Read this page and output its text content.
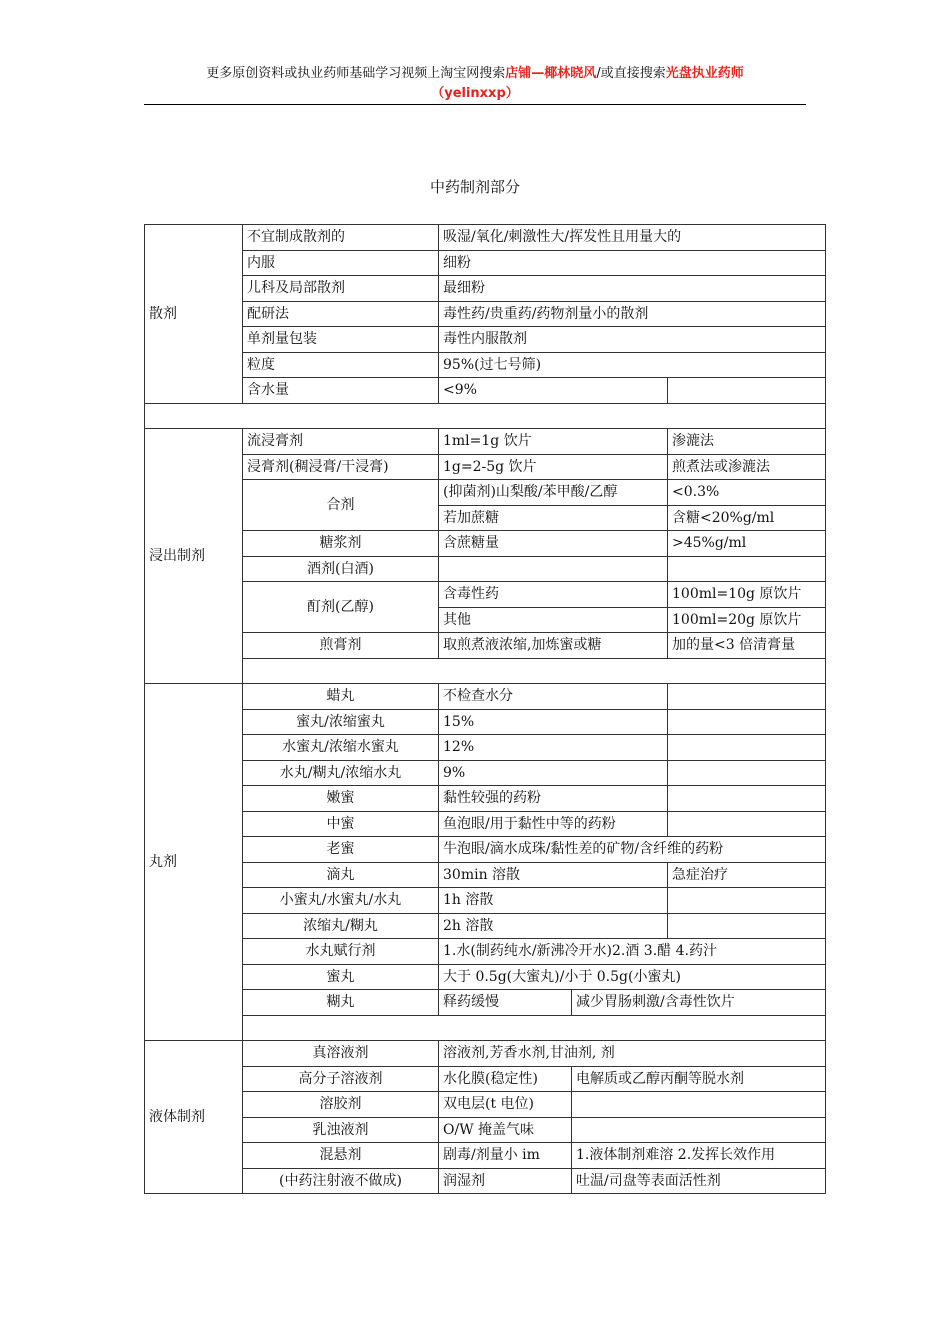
更多原创资料或执业药师基础学习视频上淘宝网搜索店铺—椰林晓风/或直接搜索光盘执业药师
（yelinxxp）
中药制剂部分
散剂	不宜制成散剂的	吸湿/氧化/刺激性大/挥发性且用量大的		
	内服	细粉		
	儿科及局部散剂	最细粉		
	配研法	毒性药/贵重药/药物剂量小的散剂		
	单剂量包装	毒性内服散剂		
	粒度	95%(过七号筛)		
	含水量	<9%		

浸出制剂	流浸膏剂	1ml=1g 饮片		渗漉法
	浸膏剂(稠浸膏/干浸膏)	1g=2-5g 饮片		煎煮法或渗漉法
	合剂	(抑菌剂)山梨酸/苯甲酸/乙醇		<0.3%
		若加蔗糖		含糖<20%g/ml
	糖浆剂	含蔗糖量		>45%g/ml
	酒剂(白酒)			
	酊剂(乙醇)	含毒性药		100ml=10g 原饮片
		其他		100ml=20g 原饮片
	煎膏剂	取煎煮液浓缩,加炼蜜或糖		加的量<3 倍清膏量

丸剂	蜡丸	不检查水分		
	蜜丸/浓缩蜜丸	15%		
	水蜜丸/浓缩水蜜丸	12%		
	水丸/糊丸/浓缩水丸	9%		
	嫩蜜	黏性较强的药粉		
	中蜜	鱼泡眼/用于黏性中等的药粉		
	老蜜	牛泡眼/滴水成珠/黏性差的矿物/含纤维的药粉		
	滴丸	30min 溶散		急症治疗
	小蜜丸/水蜜丸/水丸	1h 溶散		
	浓缩丸/糊丸	2h 溶散		
	水丸赋行剂	1.水(制药纯水/新沸冷开水)2.酒 3.醋 4.药汁		
	蜜丸	大于 0.5g(大蜜丸)/小于 0.5g(小蜜丸)		
	糊丸	释药缓慢	减少胃肠刺激/含毒性饮片	

液体制剂	真溶液剂	溶液剂,芳香水剂,甘油剂, 剂		
	高分子溶液剂	水化膜(稳定性)	电解质或乙醇丙酮等脱水剂	
	溶胶剂	双电层(t 电位)		
	乳浊液剂	O/W 掩盖气味		
	混悬剂	剧毒/剂量小 im	1.液体制剂难溶 2.发挥长效作用	
	(中药注射液不做成)	润湿剂	吐温/司盘等表面活性剂	
